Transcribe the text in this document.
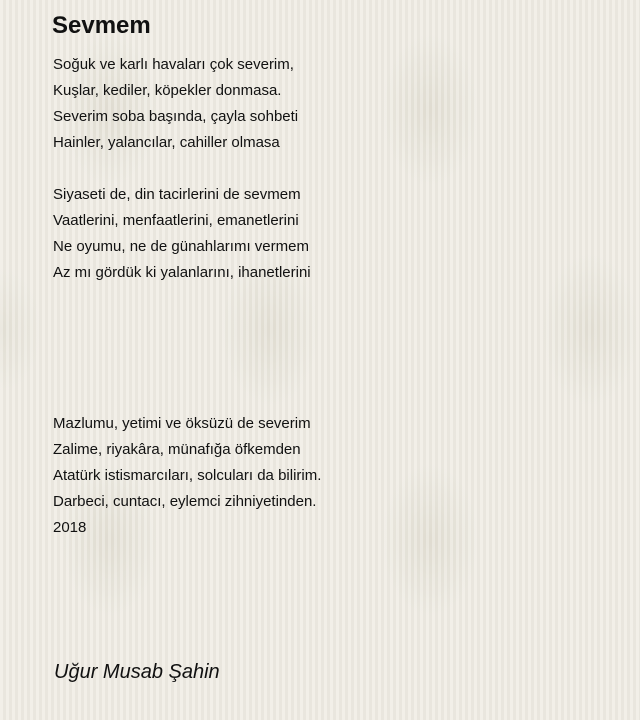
Sevmem
Soğuk ve karlı havaları çok severim,
Kuşlar, kediler, köpekler donmasa.
Severim soba başında, çayla sohbeti
Hainler, yalancılar, cahiller olmasa
Siyaseti de, din tacirlerini de sevmem
Vaatlerini, menfaatlerini, emanetlerini
Ne oyumu, ne de günahlarımı vermem
Az mı gördük ki yalanlarını, ihanetlerini
Mazlumu, yetimi ve öksüzü de severim
Zalime, riyakâra, münafığa öfkemden
Atatürk istismarcıları, solcuları da bilirim.
Darbeci, cuntacı, eylemci zihniyetinden.
2018
Uğur Musab Şahin
